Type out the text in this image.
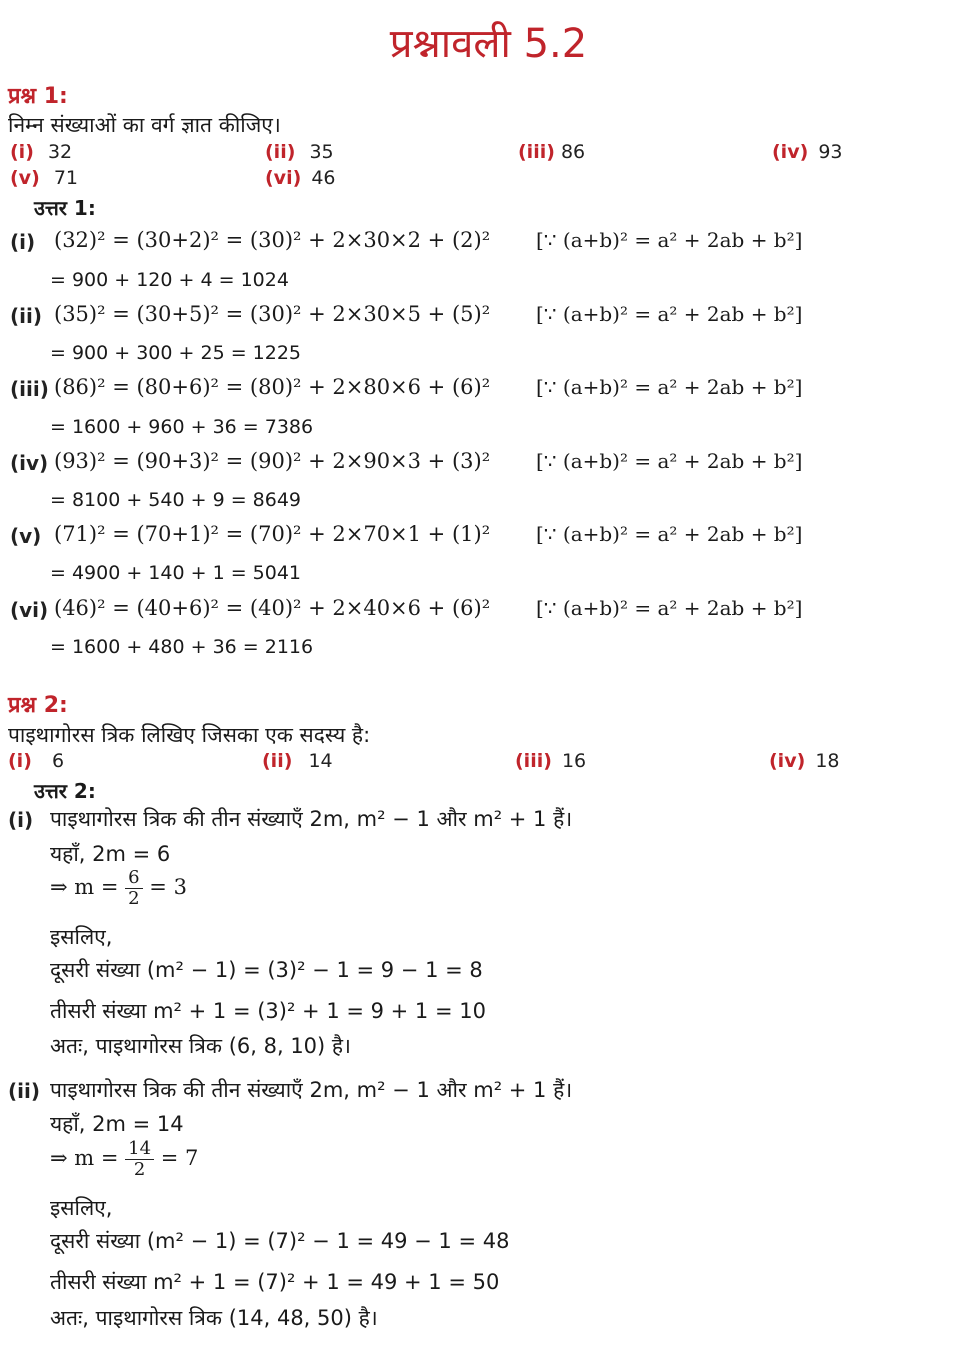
प्रश्नावली 5.2
प्रश्न 1:
निम्न संख्याओं का वर्ग ज्ञात कीजिए।
(i) 32	(ii) 35	(iii) 86	(iv) 93
(v) 71	(vi) 46
उत्तर 1:
(i) (32)² = (30+2)² = (30)² + 2×30×2 + (2)² [∵ (a+b)² = a² + 2ab + b²]
= 900 + 120 + 4 = 1024
(ii) (35)² = (30+5)² = (30)² + 2×30×5 + (5)² [∵ (a+b)² = a² + 2ab + b²]
= 900 + 300 + 25 = 1225
(iii) (86)² = (80+6)² = (80)² + 2×80×6 + (6)² [∵ (a+b)² = a² + 2ab + b²]
= 1600 + 960 + 36 = 7386
(iv) (93)² = (90+3)² = (90)² + 2×90×3 + (3)² [∵ (a+b)² = a² + 2ab + b²]
= 8100 + 540 + 9 = 8649
(v) (71)² = (70+1)² = (70)² + 2×70×1 + (1)² [∵ (a+b)² = a² + 2ab + b²]
= 4900 + 140 + 1 = 5041
(vi) (46)² = (40+6)² = (40)² + 2×40×6 + (6)² [∵ (a+b)² = a² + 2ab + b²]
= 1600 + 480 + 36 = 2116
प्रश्न 2:
पाइथागोरस त्रिक लिखिए जिसका एक सदस्य है:
(i) 6	(ii) 14	(iii) 16	(iv) 18
उत्तर 2:
(i) पाइथागोरस त्रिक की तीन संख्याएँ 2m, m² − 1 और m² + 1 हैं।
यहाँ, 2m = 6
⇒ $m = \frac{6}{2} = 3$
इसलिए,
दूसरी संख्या (m² − 1) = (3)² − 1 = 9 − 1 = 8
तीसरी संख्या m² + 1 = (3)² + 1 = 9 + 1 = 10
अतः, पाइथागोरस त्रिक (6, 8, 10) है।
(ii) पाइथागोरस त्रिक की तीन संख्याएँ 2m, m² − 1 और m² + 1 हैं।
यहाँ, 2m = 14
⇒ $m = \frac{14}{2} = 7$
इसलिए,
दूसरी संख्या (m² − 1) = (7)² − 1 = 49 − 1 = 48
तीसरी संख्या m² + 1 = (7)² + 1 = 49 + 1 = 50
अतः, पाइथागोरस त्रिक (14, 48, 50) है।
